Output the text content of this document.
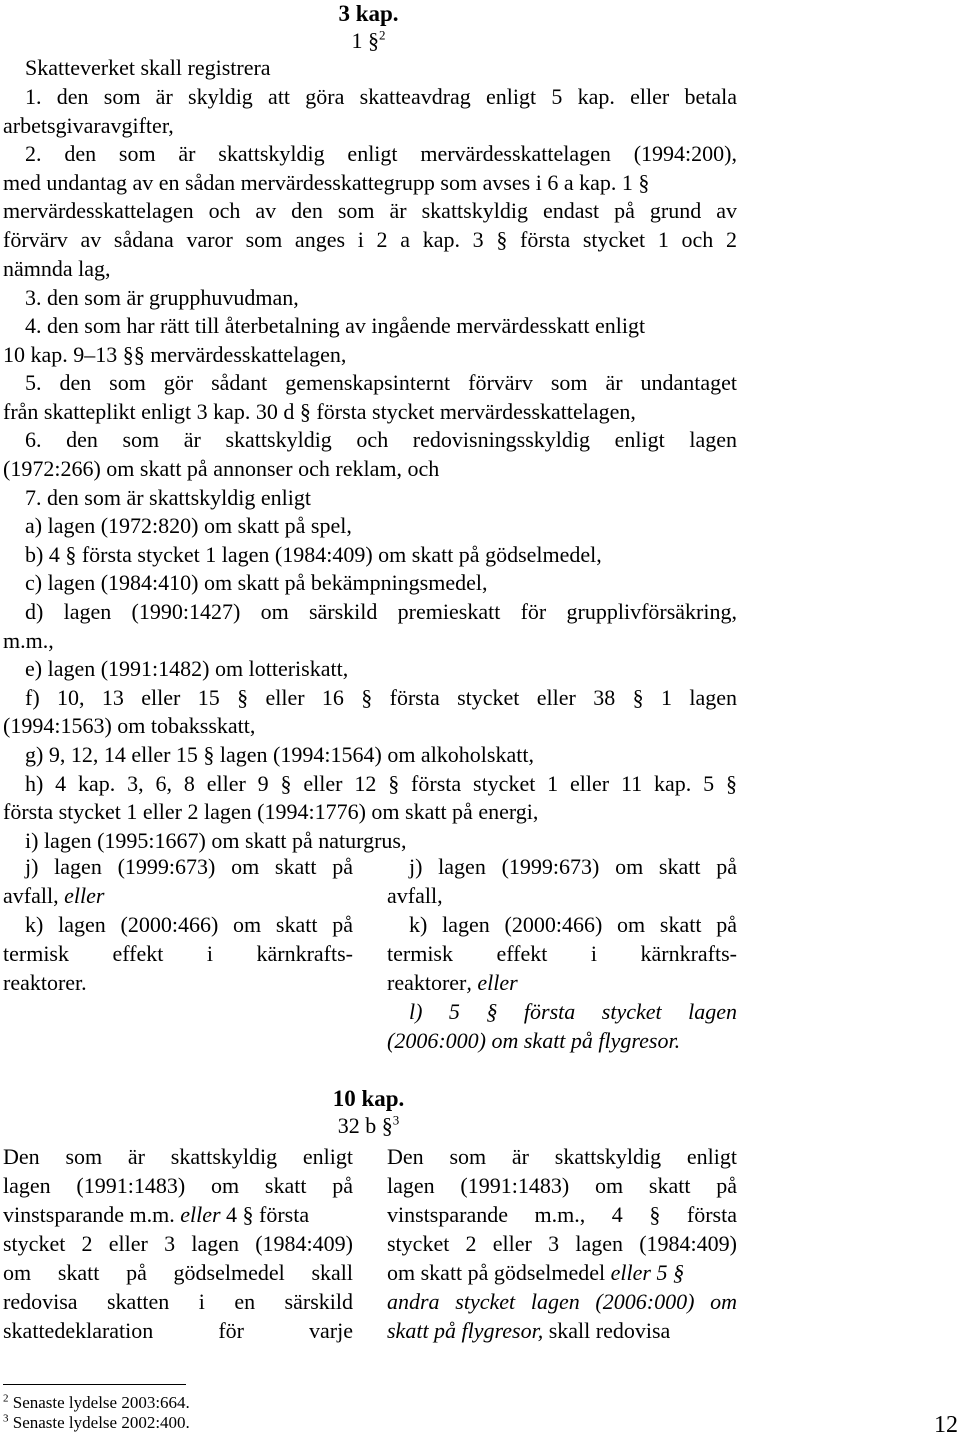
3 kap.
1 §$^2$
Skatteverket skall registrera
1. den som är skyldig att göra skatteavdrag enligt 5 kap. eller betala
arbetsgivaravgifter,
2. den som är skattskyldig enligt mervärdesskattelagen (1994:200),
med undantag av en sådan mervärdesskattegrupp som avses i 6 a kap. 1 §
mervärdesskattelagen och av den som är skattskyldig endast på grund av
förvärv av sådana varor som anges i 2 a kap. 3 § första stycket 1 och 2
nämnda lag,
3. den som är grupphuvudman,
4. den som har rätt till återbetalning av ingående mervärdesskatt enligt
10 kap. 9–13 §§ mervärdesskattelagen,
5. den som gör sådant gemenskapsinternt förvärv som är undantaget
från skatteplikt enligt 3 kap. 30 d § första stycket mervärdesskattelagen,
6. den som är skattskyldig och redovisningsskyldig enligt lagen
(1972:266) om skatt på annonser och reklam, och
7. den som är skattskyldig enligt
a) lagen (1972:820) om skatt på spel,
b) 4 § första stycket 1 lagen (1984:409) om skatt på gödselmedel,
c) lagen (1984:410) om skatt på bekämpningsmedel,
d) lagen (1990:1427) om särskild premieskatt för grupplivförsäkring,
m.m.,
e) lagen (1991:1482) om lotteriskatt,
f) 10, 13 eller 15 § eller 16 § första stycket eller 38 § 1 lagen
(1994:1563) om tobaksskatt,
g) 9, 12, 14 eller 15 § lagen (1994:1564) om alkoholskatt,
h) 4 kap. 3, 6, 8 eller 9 § eller 12 § första stycket 1 eller 11 kap. 5 §
första stycket 1 eller 2 lagen (1994:1776) om skatt på energi,
i) lagen (1995:1667) om skatt på naturgrus,
j) lagen (1999:673) om skatt på
avfall, eller
k) lagen (2000:466) om skatt på
termisk effekt i kärnkrafts-
reaktorer.
j) lagen (1999:673) om skatt på
avfall,
k) lagen (2000:466) om skatt på
termisk effekt i kärnkrafts-
reaktorer, eller
l) 5 § första stycket lagen
(2006:000) om skatt på flygresor.
10 kap.
32 b §$^3$
Den som är skattskyldig enligt
lagen (1991:1483) om skatt på
vinstsparande m.m. eller 4 § första
stycket 2 eller 3 lagen (1984:409)
om skatt på gödselmedel skall
redovisa skatten i en särskild
skattedeklaration för varje
Den som är skattskyldig enligt
lagen (1991:1483) om skatt på
vinstsparande m.m., 4 § första
stycket 2 eller 3 lagen (1984:409)
om skatt på gödselmedel eller 5 §
andra stycket lagen (2006:000) om
skatt på flygresor, skall redovisa
$^2$ Senaste lydelse 2003:664.
$^3$ Senaste lydelse 2002:400.	12
